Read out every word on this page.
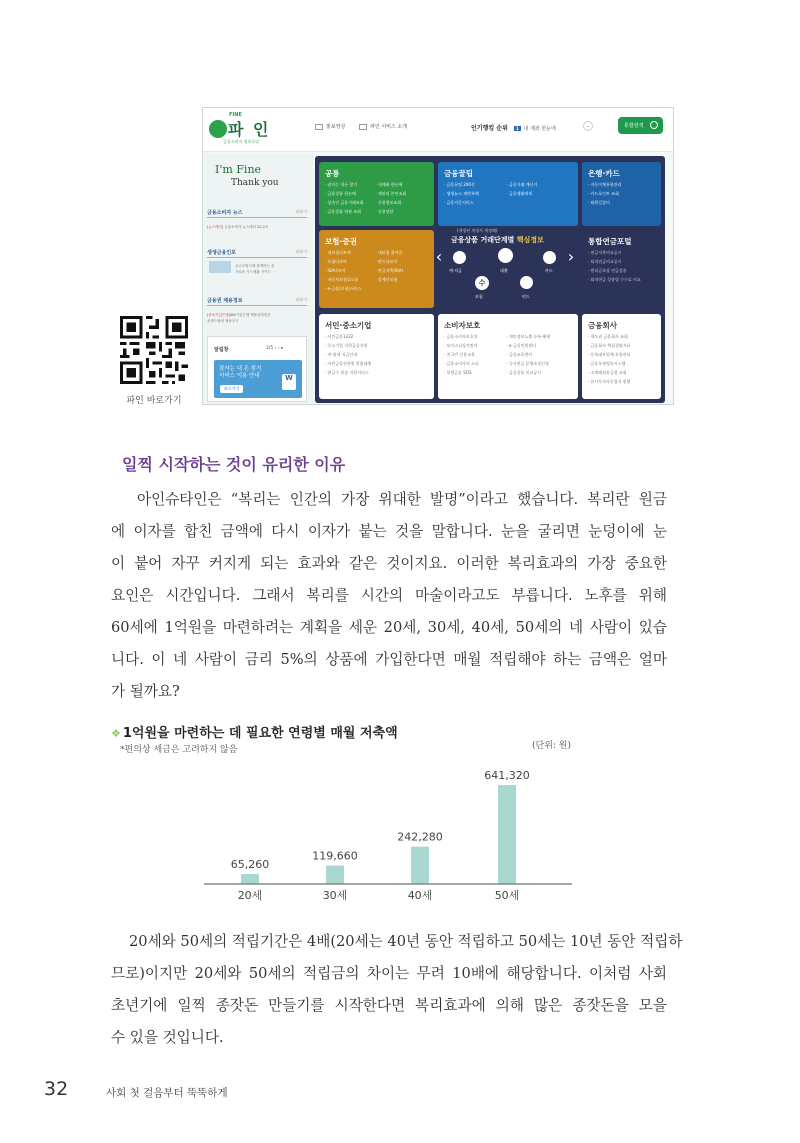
FINE
파 인
금융소비자 정보포털
홍보영상	파인 서비스 소개	인기행킹 순위 1 내 계좌 한눈에	⌄	통합검색
I'm Fine
Thank you
금융소비자 뉴스	더보기
[뉴스레터] 금융소비자 뉴스레터 20-2호
생생금융인포	더보기
우수모범사례 함께하는 숍
가로운 카드생활 가이드
금융권 채용정보	더보기
[중소기업은행]IBK기업은행 채용위하및공
신생드림에 채용공고
알림창	2/5 ‹ › ▸
잠자는 내 돈 찾기
서비스 이용 안내
바로가기
W
공통
· 잠자는 내돈 찾기	· 내계좌 한눈에· 금융상품 한눈에	· 제관리 본인조회· 상속인 금융거래조회	· 신용정보조회· 금융상품 약관 조회	· 신용상담
금융꿀팁
· 금융꿀팁 200선	· 금융거래 계산기· 생생뉴스 제반특례	· 금융생활에세· 금융자문서비스
은행·카드
· 자동이체통합관리· 카드포인트 조회· 외환길잡이
보험·증권
· 내보험다보여	· 내보험 찾아줌· 보험다모아	· 펀드다모아· ISA다모아	· 연금저축(ISA)· 자동차보험료도움	· 장애인보험· e-금융(보험)서비스
(개정된 개정사 개정해)
금융상품 거래단계별 핵심정보
‹	›
수
예·적금
보험
대출
펀드
카드
통합연금포털
· 연금저축비교공시· 퇴직연금비교공시· 원리금보장 연금상품· 퇴직연금 상품별 수수료 비교
서민·중소기업
· 서민금융1332· 중소기업 지원금융지원· 전·월세 지금안내· 서민금융진흥원 맞춤대출· 현금수 현장 지원서비스
소비자보호
· 금융소비자보호처	· 개인정보노출 등록·해제· 보이스피싱지킴이	· e-금융민원센터· 전국민 신용교육	· 금융교육센터· 금융소비자의 소리	· 즉시연금 분쟁조정신청· 불법금융 SOS	· 금융상품 비교공시
금융회사
· 제도권 금융회사 조회· 금융회사 핵심경영지표· 등록대부업체 통합관리· 금융통계정보시스템· 소액해외송금업 조회· 유사투자자문업자 현황
파인 바로가기
일찍 시작하는 것이 유리한 이유

아인슈타인은 “복리는 인간의 가장 위대한 발명”이라고 했습니다. 복리란 원금

에 이자를 합친 금액에 다시 이자가 붙는 것을 말합니다. 눈을 굴리면 눈덩이에 눈

이 붙어 자꾸 커지게 되는 효과와 같은 것이지요. 이러한 복리효과의 가장 중요한

요인은 시간입니다. 그래서 복리를 시간의 마술이라고도 부릅니다. 노후를 위해

60세에 1억원을 마련하려는 계획을 세운 20세, 30세, 40세, 50세의 네 사람이 있습

니다. 이 네 사람이 금리 5%의 상품에 가입한다면 매월 적립해야 하는 금액은 얼마

가 될까요?

❖ 1억원을 마련하는 데 필요한 연령별 매월 저축액
*편의상 세금은 고려하지 않음	(단위: 원)
65,260
20세
119,660
30세
242,280
40세
641,320
50세

20세와 50세의 적립기간은 4배(20세는 40년 동안 적립하고 50세는 10년 동안 적립하

므로)이지만 20세와 50세의 적립금의 차이는 무려 10배에 해당합니다. 이처럼 사회

초년기에 일찍 종잣돈 만들기를 시작한다면 복리효과에 의해 많은 종잣돈을 모을

수 있을 것입니다.

32	사회 첫 걸음부터 뚝뚝하게
